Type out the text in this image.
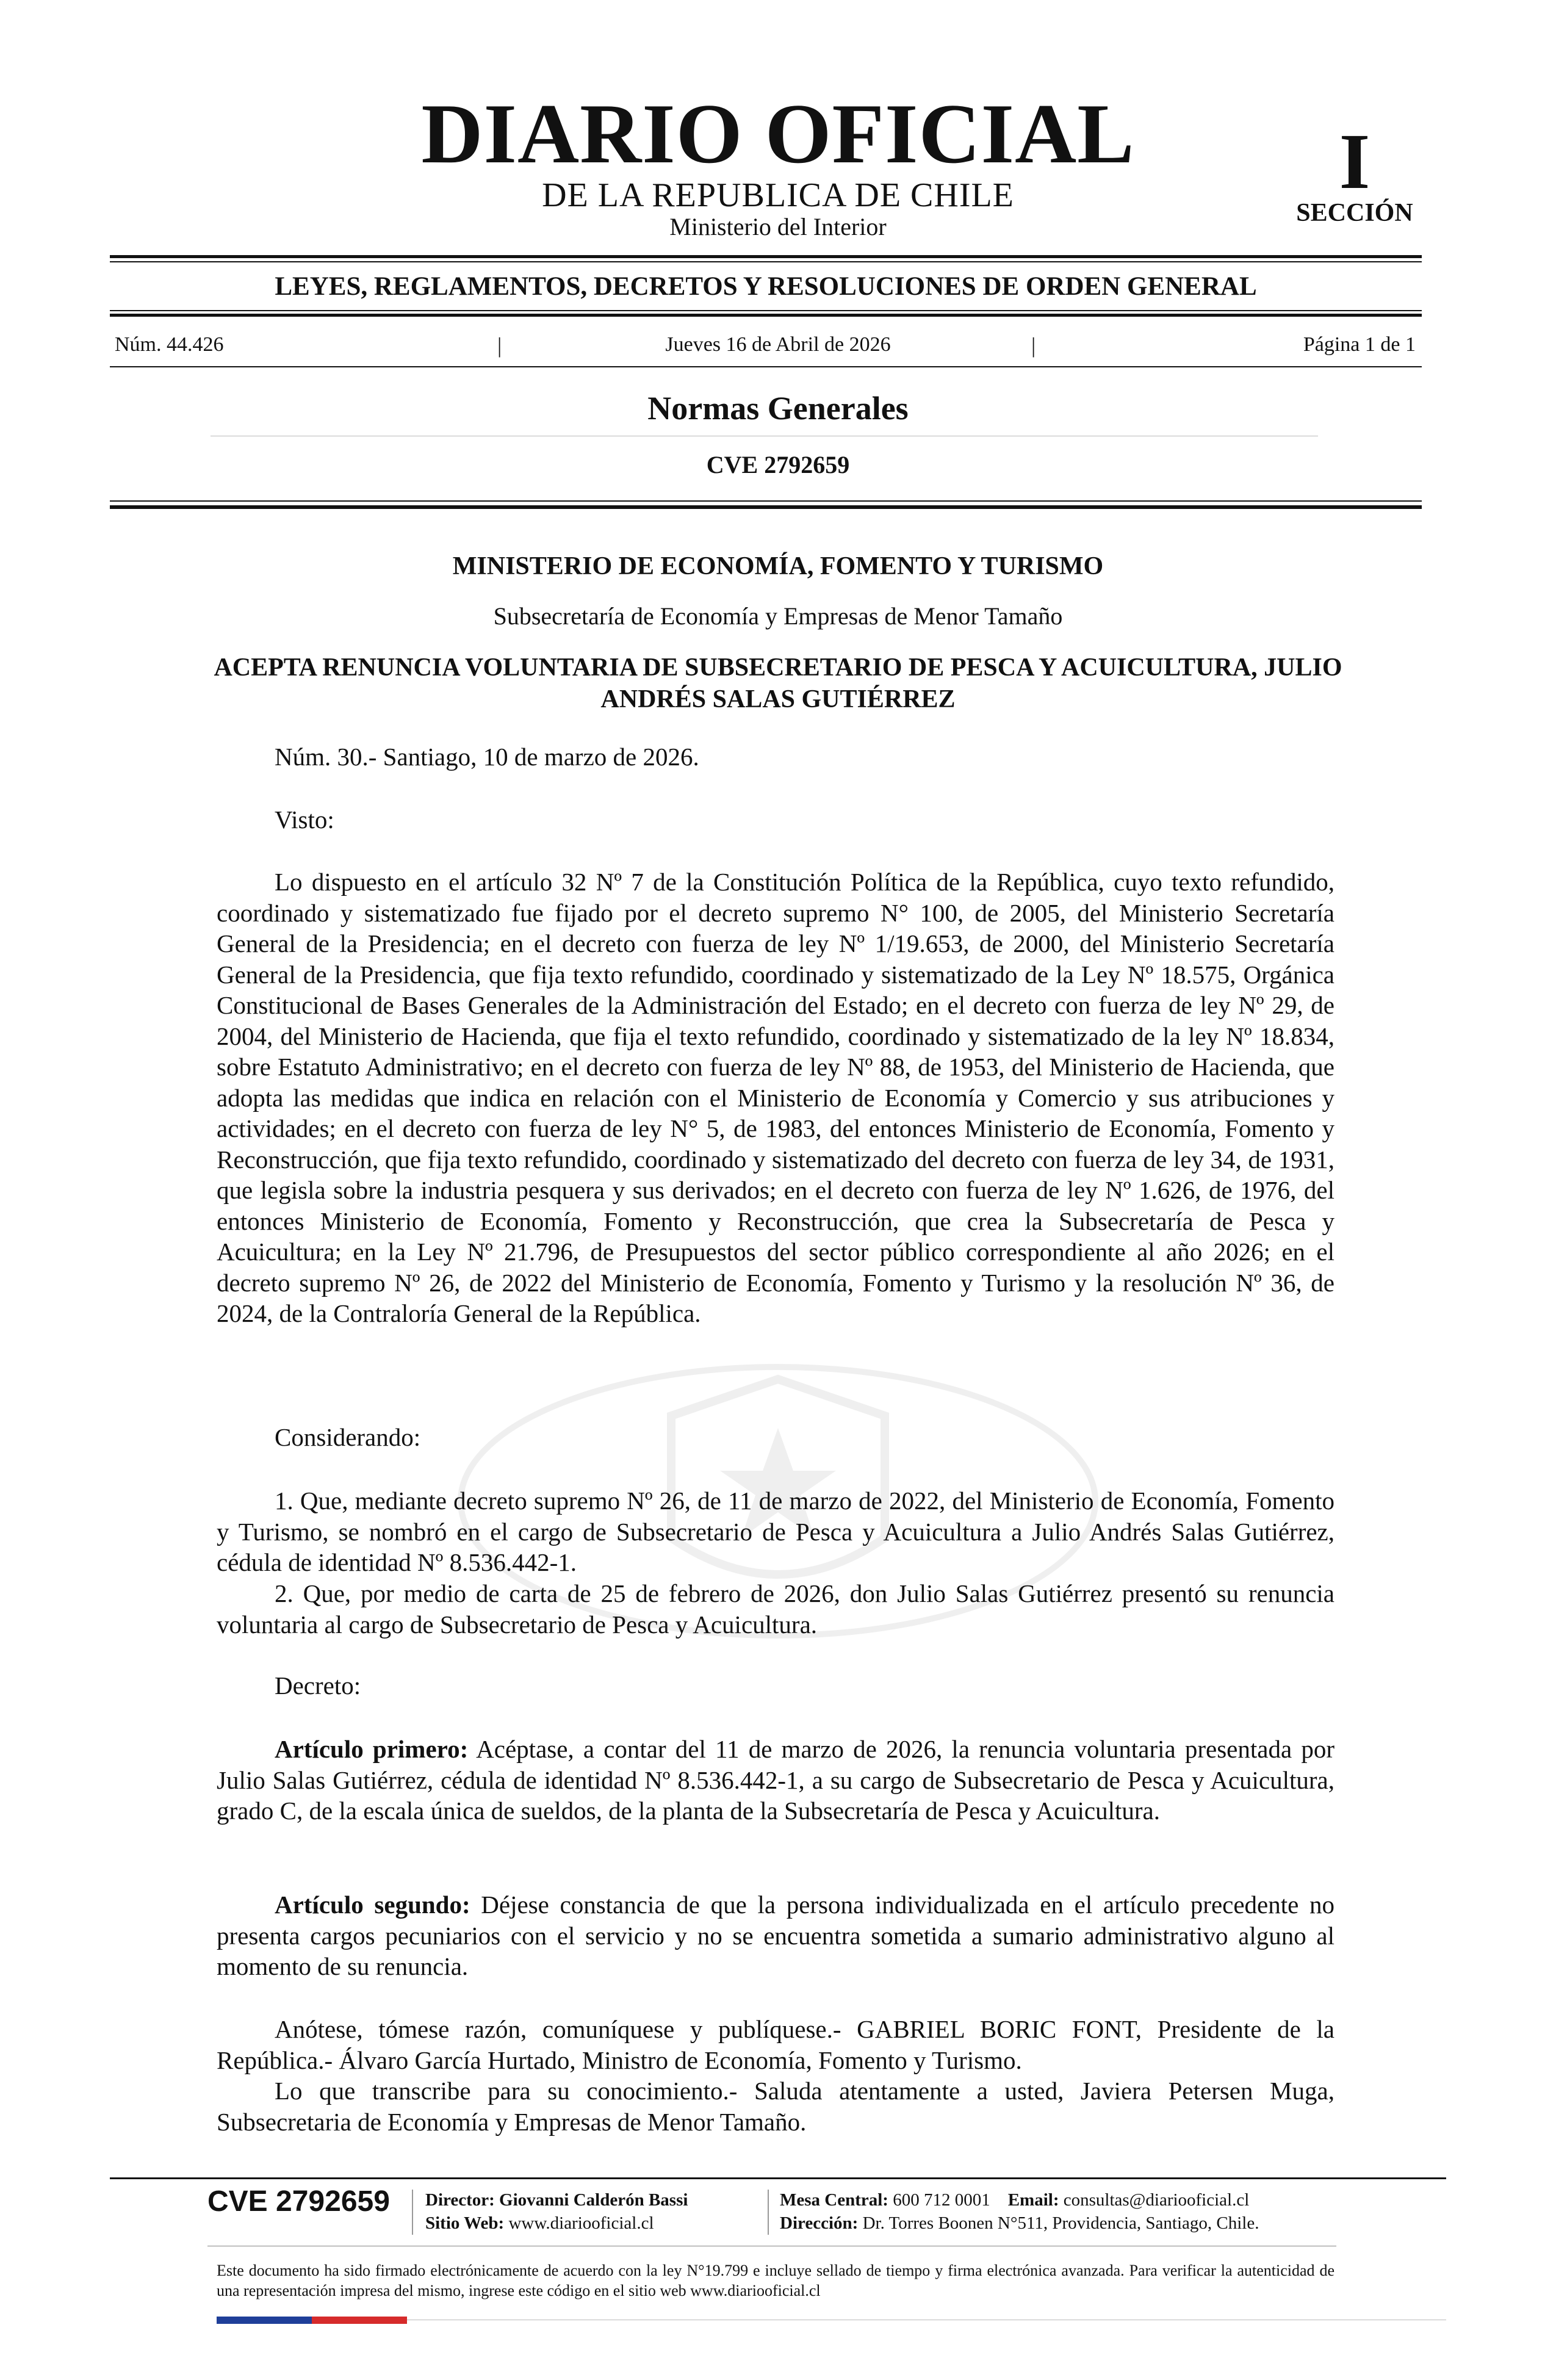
DIARIO OFICIAL
DE LA REPUBLICA DE CHILE
Ministerio del Interior
I
SECCIÓN
LEYES, REGLAMENTOS, DECRETOS Y RESOLUCIONES DE ORDEN GENERAL
Núm. 44.426	|	Jueves 16 de Abril de 2026	|	Página 1 de 1
Normas Generales
CVE 2792659
MINISTERIO DE ECONOMÍA, FOMENTO Y TURISMO
Subsecretaría de Economía y Empresas de Menor Tamaño
ACEPTA RENUNCIA VOLUNTARIA DE SUBSECRETARIO DE PESCA Y ACUICULTURA, JULIO ANDRÉS SALAS GUTIÉRREZ
Núm. 30.- Santiago, 10 de marzo de 2026.
Visto:
Lo dispuesto en el artículo 32 Nº 7 de la Constitución Política de la República, cuyo texto refundido, coordinado y sistematizado fue fijado por el decreto supremo N° 100, de 2005, del Ministerio Secretaría General de la Presidencia; en el decreto con fuerza de ley Nº 1/19.653, de 2000, del Ministerio Secretaría General de la Presidencia, que fija texto refundido, coordinado y sistematizado de la Ley Nº 18.575, Orgánica Constitucional de Bases Generales de la Administración del Estado; en el decreto con fuerza de ley Nº 29, de 2004, del Ministerio de Hacienda, que fija el texto refundido, coordinado y sistematizado de la ley Nº 18.834, sobre Estatuto Administrativo; en el decreto con fuerza de ley Nº 88, de 1953, del Ministerio de Hacienda, que adopta las medidas que indica en relación con el Ministerio de Economía y Comercio y sus atribuciones y actividades; en el decreto con fuerza de ley N° 5, de 1983, del entonces Ministerio de Economía, Fomento y Reconstrucción, que fija texto refundido, coordinado y sistematizado del decreto con fuerza de ley 34, de 1931, que legisla sobre la industria pesquera y sus derivados; en el decreto con fuerza de ley Nº 1.626, de 1976, del entonces Ministerio de Economía, Fomento y Reconstrucción, que crea la Subsecretaría de Pesca y Acuicultura; en la Ley Nº 21.796, de Presupuestos del sector público correspondiente al año 2026; en el decreto supremo Nº 26, de 2022 del Ministerio de Economía, Fomento y Turismo y la resolución Nº 36, de 2024, de la Contraloría General de la República.
Considerando:
1. Que, mediante decreto supremo Nº 26, de 11 de marzo de 2022, del Ministerio de Economía, Fomento y Turismo, se nombró en el cargo de Subsecretario de Pesca y Acuicultura a Julio Andrés Salas Gutiérrez, cédula de identidad Nº 8.536.442-1.
2. Que, por medio de carta de 25 de febrero de 2026, don Julio Salas Gutiérrez presentó su renuncia voluntaria al cargo de Subsecretario de Pesca y Acuicultura.
Decreto:
Artículo primero: Acéptase, a contar del 11 de marzo de 2026, la renuncia voluntaria presentada por Julio Salas Gutiérrez, cédula de identidad Nº 8.536.442-1, a su cargo de Subsecretario de Pesca y Acuicultura, grado C, de la escala única de sueldos, de la planta de la Subsecretaría de Pesca y Acuicultura.
Artículo segundo: Déjese constancia de que la persona individualizada en el artículo precedente no presenta cargos pecuniarios con el servicio y no se encuentra sometida a sumario administrativo alguno al momento de su renuncia.
Anótese, tómese razón, comuníquese y publíquese.- GABRIEL BORIC FONT, Presidente de la República.- Álvaro García Hurtado, Ministro de Economía, Fomento y Turismo.
Lo que transcribe para su conocimiento.- Saluda atentamente a usted, Javiera Petersen Muga, Subsecretaria de Economía y Empresas de Menor Tamaño.
CVE 2792659	Director: Giovanni Calderón Bassi
Sitio Web: www.diariooficial.cl
Mesa Central: 600 712 0001 Email: consultas@diariooficial.cl
Dirección: Dr. Torres Boonen N°511, Providencia, Santiago, Chile.
Este documento ha sido firmado electrónicamente de acuerdo con la ley N°19.799 e incluye sellado de tiempo y firma electrónica avanzada. Para verificar la autenticidad de una representación impresa del mismo, ingrese este código en el sitio web www.diariooficial.cl
